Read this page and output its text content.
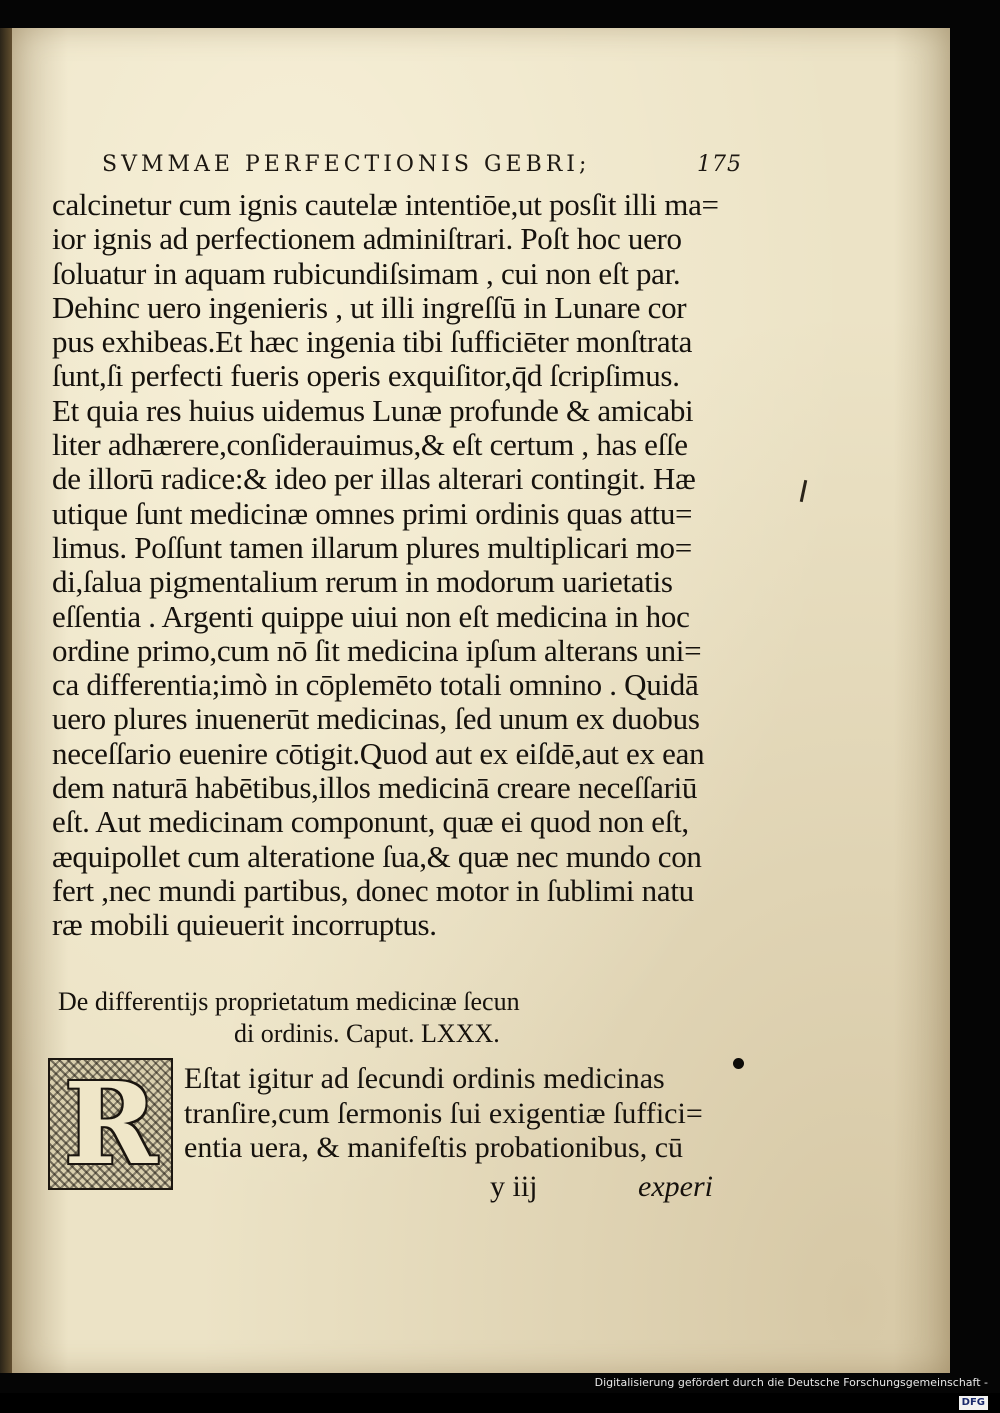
SVMMAE PERFECTIONIS GEBRI;	175
calcinetur cum ignis cautelæ intentiōe,ut posſit illi ma=
ior ignis ad perfectionem adminiſtrari. Poſt hoc uero
ſoluatur in aquam rubicundiſsimam , cui non eſt par.
Dehinc uero ingenieris , ut illi ingreſſū in Lunare cor
pus exhibeas.Et hæc ingenia tibi ſufficiēter monſtrata
ſunt,ſi perfecti fueris operis exquiſitor,q̄d ſcripſimus.
Et quia res huius uidemus Lunæ profunde & amicabi
liter adhærere,conſiderauimus,& eſt certum , has eſſe
de illorū radice:& ideo per illas alterari contingit. Hæ
utique ſunt medicinæ omnes primi ordinis quas attu=
limus. Poſſunt tamen illarum plures multiplicari mo=
di,ſalua pigmentalium rerum in modorum uarietatis
eſſentia . Argenti quippe uiui non eſt medicina in hoc
ordine primo,cum nō ſit medicina ipſum alterans uni=
ca differentia;imò in cōplemēto totali omnino . Quidā
uero plures inuenerūt medicinas, ſed unum ex duobus
neceſſario euenire cōtigit.Quod aut ex eiſdē,aut ex ean
dem naturā habētibus,illos medicinā creare neceſſariū
eſt. Aut medicinam componunt, quæ ei quod non eſt,
æquipollet cum alteratione ſua,& quæ nec mundo con
fert ,nec mundi partibus, donec motor in ſublimi natu
ræ mobili quieuerit incorruptus.
De differentijs proprietatum medicinæ ſecun
di ordinis. Caput. LXXX.
R Eſtat igitur ad ſecundi ordinis medicinas
tranſire,cum ſermonis ſui exigentiæ ſuffici=
entia uera, & manifeſtis probationibus, cū
y iij	experi
Digitalisierung gefördert durch die Deutsche Forschungsgemeinschaft -DFG
